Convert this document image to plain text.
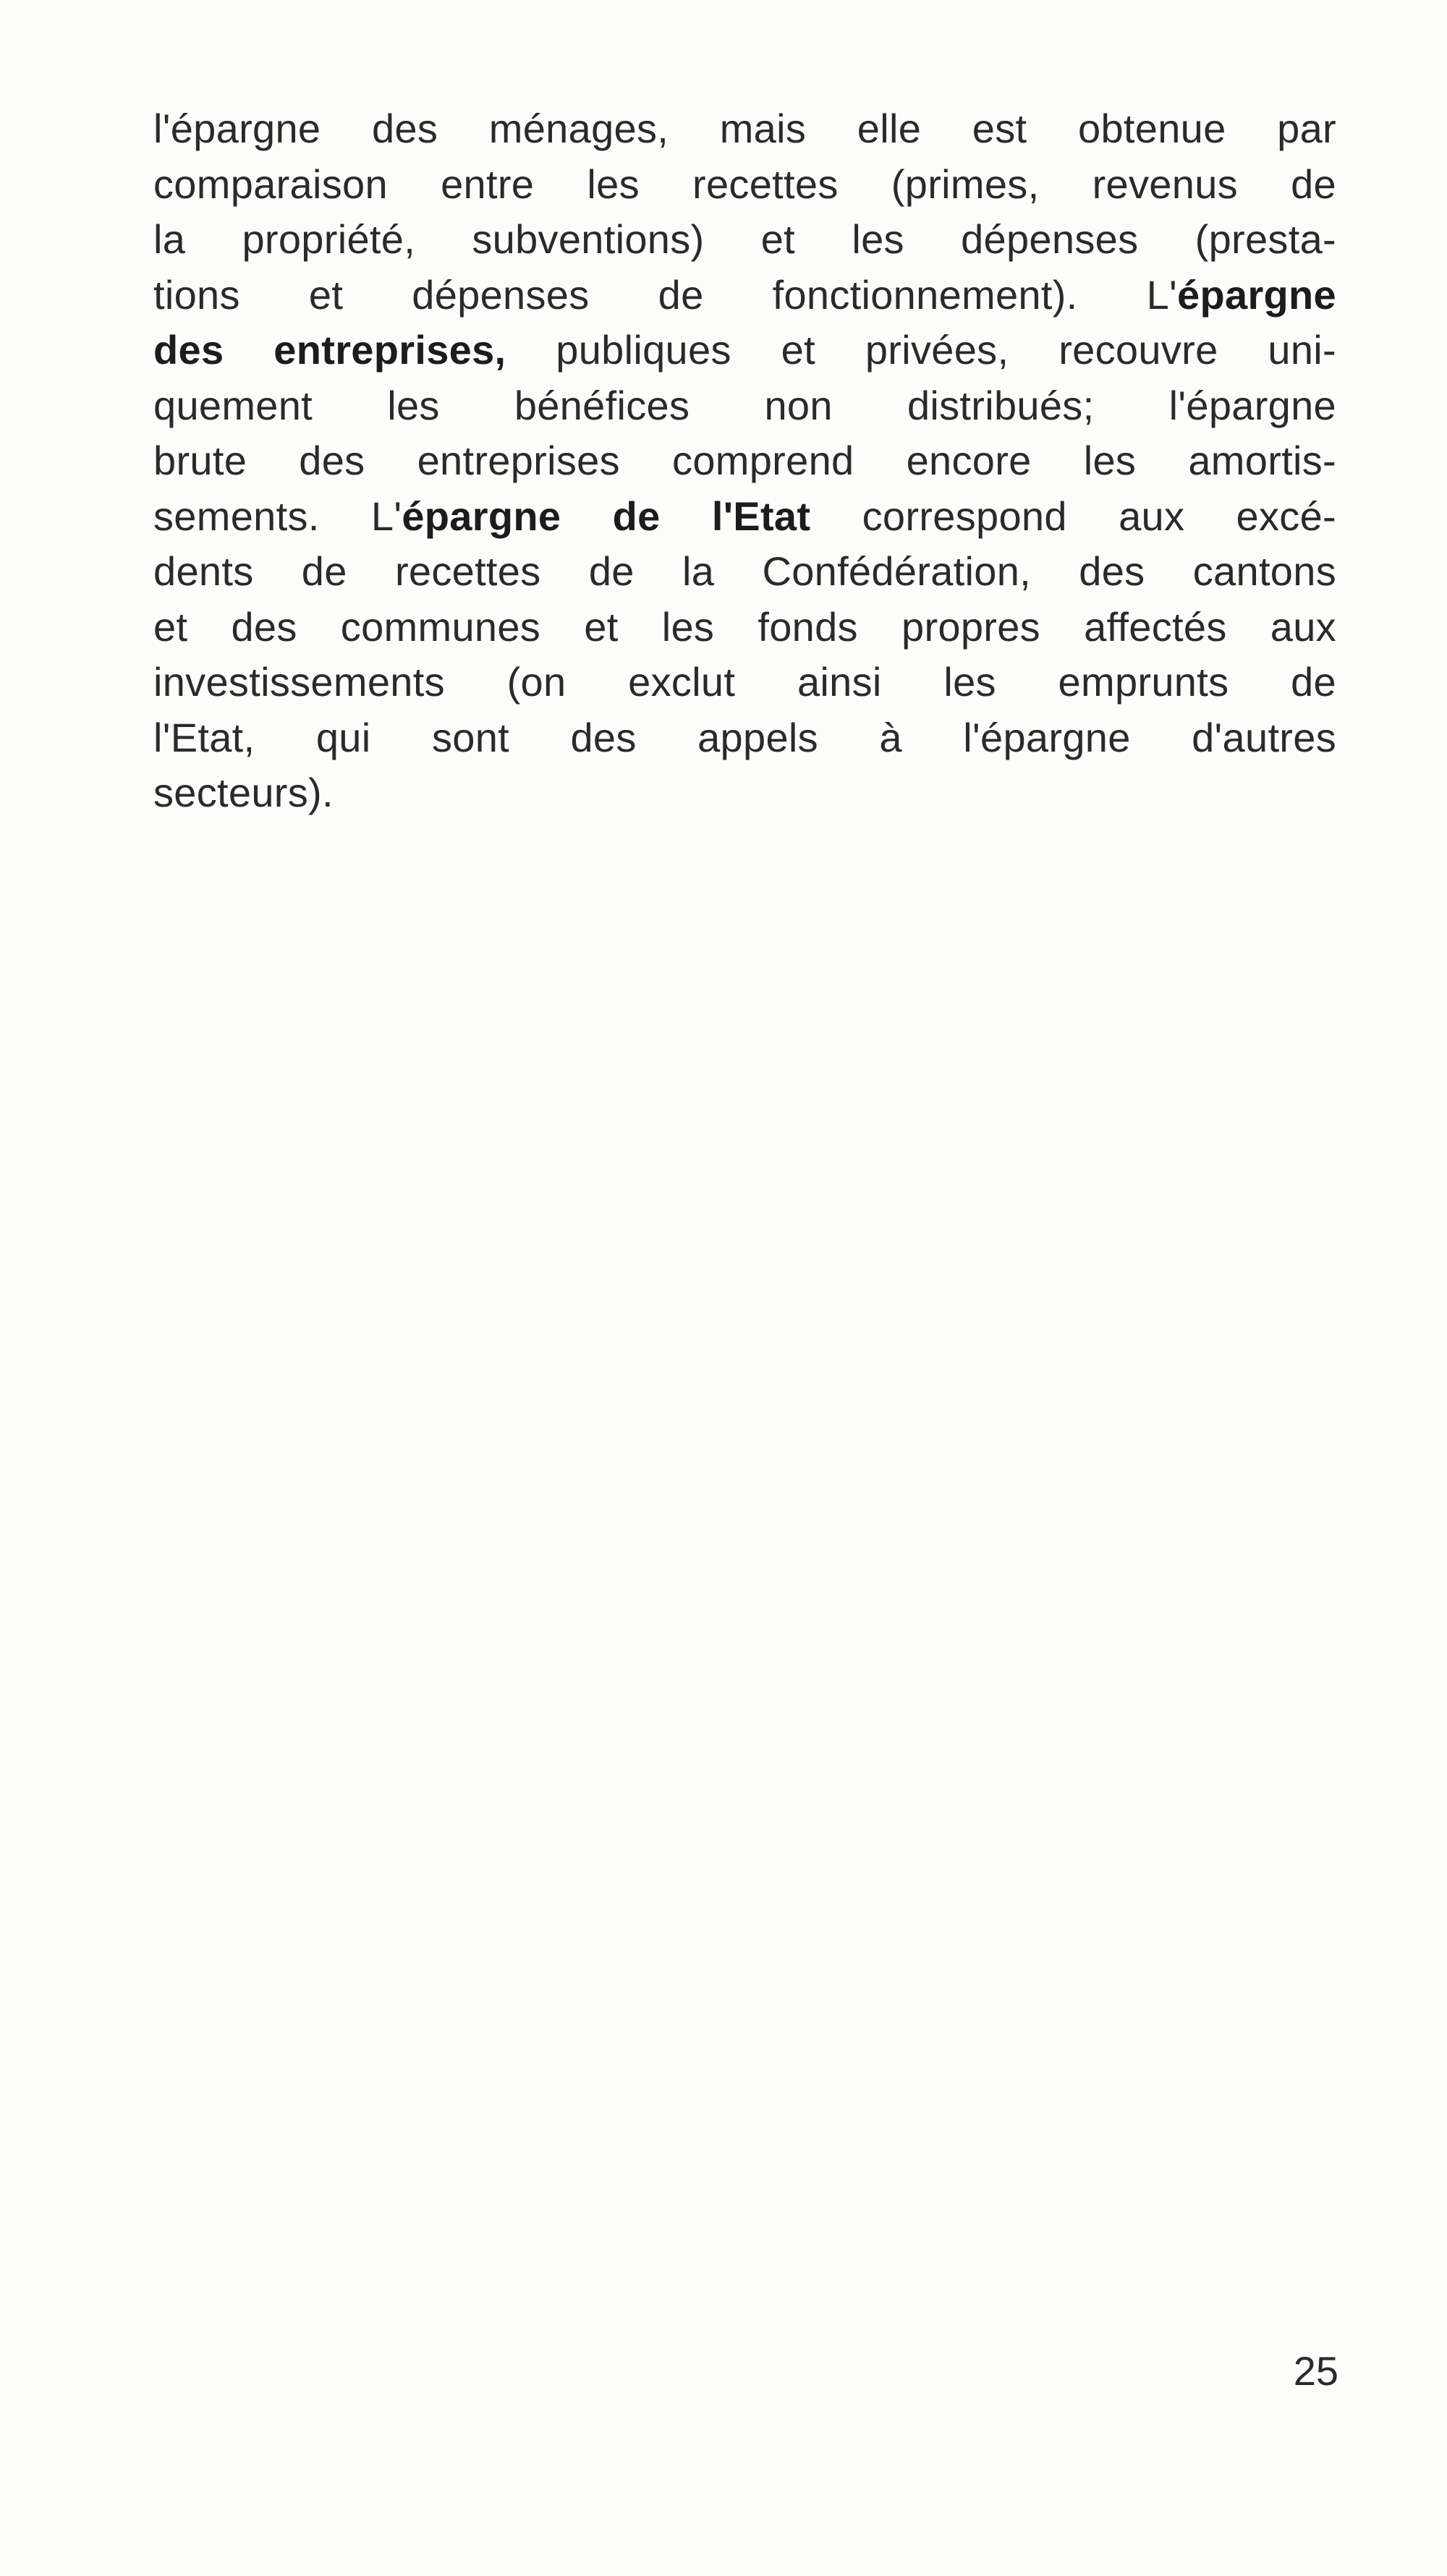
l'épargne des ménages, mais elle est obtenue par
comparaison entre les recettes (primes, revenus de
la propriété, subventions) et les dépenses (presta-
tions et dépenses de fonctionnement). L'épargne
des entreprises, publiques et privées, recouvre uni-
quement les bénéfices non distribués; l'épargne
brute des entreprises comprend encore les amortis-
sements. L'épargne de l'Etat correspond aux excé-
dents de recettes de la Confédération, des cantons
et des communes et les fonds propres affectés aux
investissements (on exclut ainsi les emprunts de
l'Etat, qui sont des appels à l'épargne d'autres
secteurs).
25
